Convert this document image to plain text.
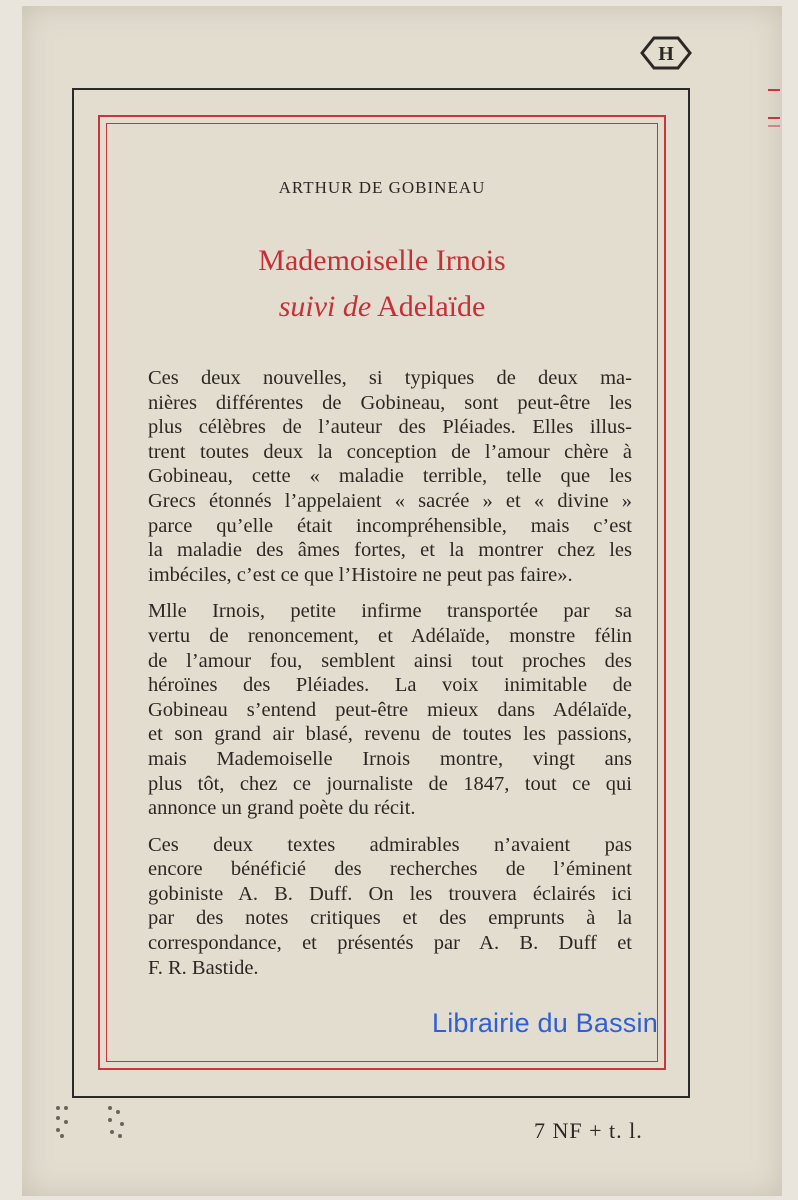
H
ARTHUR DE GOBINEAU
Mademoiselle Irnois
suivi de Adelaïde

Ces deux nouvelles, si typiques de deux ma-
nières différentes de Gobineau, sont peut-être les
plus célèbres de l’auteur des Pléiades. Elles illus-
trent toutes deux la conception de l’amour chère à
Gobineau, cette « maladie terrible, telle que les
Grecs étonnés l’appelaient « sacrée » et « divine »
parce qu’elle était incompréhensible, mais c’est
la maladie des âmes fortes, et la montrer chez les
imbéciles, c’est ce que l’Histoire ne peut pas faire».

Mlle Irnois, petite infirme transportée par sa
vertu de renoncement, et Adélaïde, monstre félin
de l’amour fou, semblent ainsi tout proches des
héroïnes des Pléiades. La voix inimitable de
Gobineau s’entend peut-être mieux dans Adélaïde,
et son grand air blasé, revenu de toutes les passions,
mais Mademoiselle Irnois montre, vingt ans
plus tôt, chez ce journaliste de 1847, tout ce qui
annonce un grand poète du récit.

Ces deux textes admirables n’avaient pas
encore bénéficié des recherches de l’éminent
gobiniste A. B. Duff. On les trouvera éclairés ici
par des notes critiques et des emprunts à la
correspondance, et présentés par A. B. Duff et
F. R. Bastide.

Librairie du Bassin
7 NF + t. l.
